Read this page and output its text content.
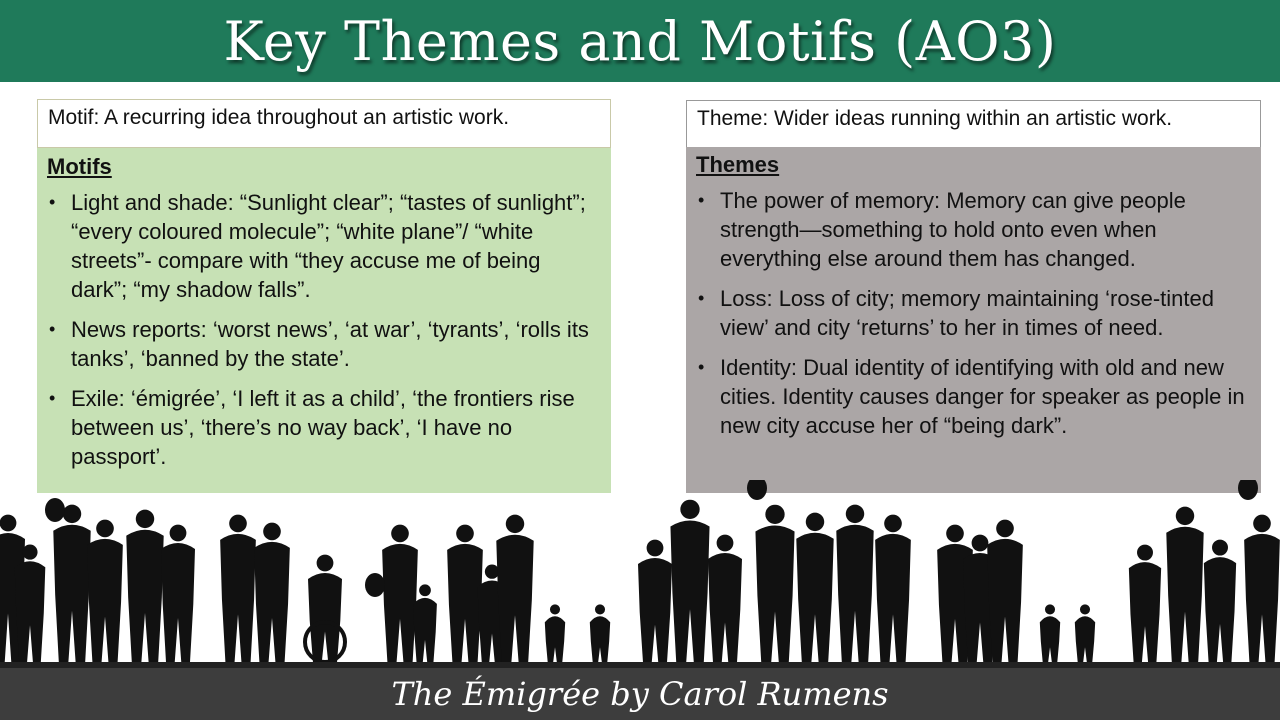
Key Themes and Motifs (AO3)
Motif: A recurring idea throughout an artistic work.	Theme: Wider ideas running within an artistic work.
Motifs
• Light and shade: “Sunlight clear”; “tastes of sunlight”; “every coloured molecule”; “white plane”/ “white streets”- compare with “they accuse me of being dark”; “my shadow falls”.
• News reports: ‘worst news’, ‘at war’, ‘tyrants’, ‘rolls its tanks’, ‘banned by the state’.
• Exile: ‘émigrée’, ‘I left it as a child’, ‘the frontiers rise between us’, ‘there’s no way back’, ‘I have no passport’.
Themes
• The power of memory: Memory can give people strength—something to hold onto even when everything else around them has changed.
• Loss: Loss of city; memory maintaining ‘rose-tinted view’ and city ‘returns’ to her in times of need.
• Identity: Dual identity of identifying with old and new cities. Identity causes danger for speaker as people in new city accuse her of “being dark”.
The Émigrée by Carol Rumens
